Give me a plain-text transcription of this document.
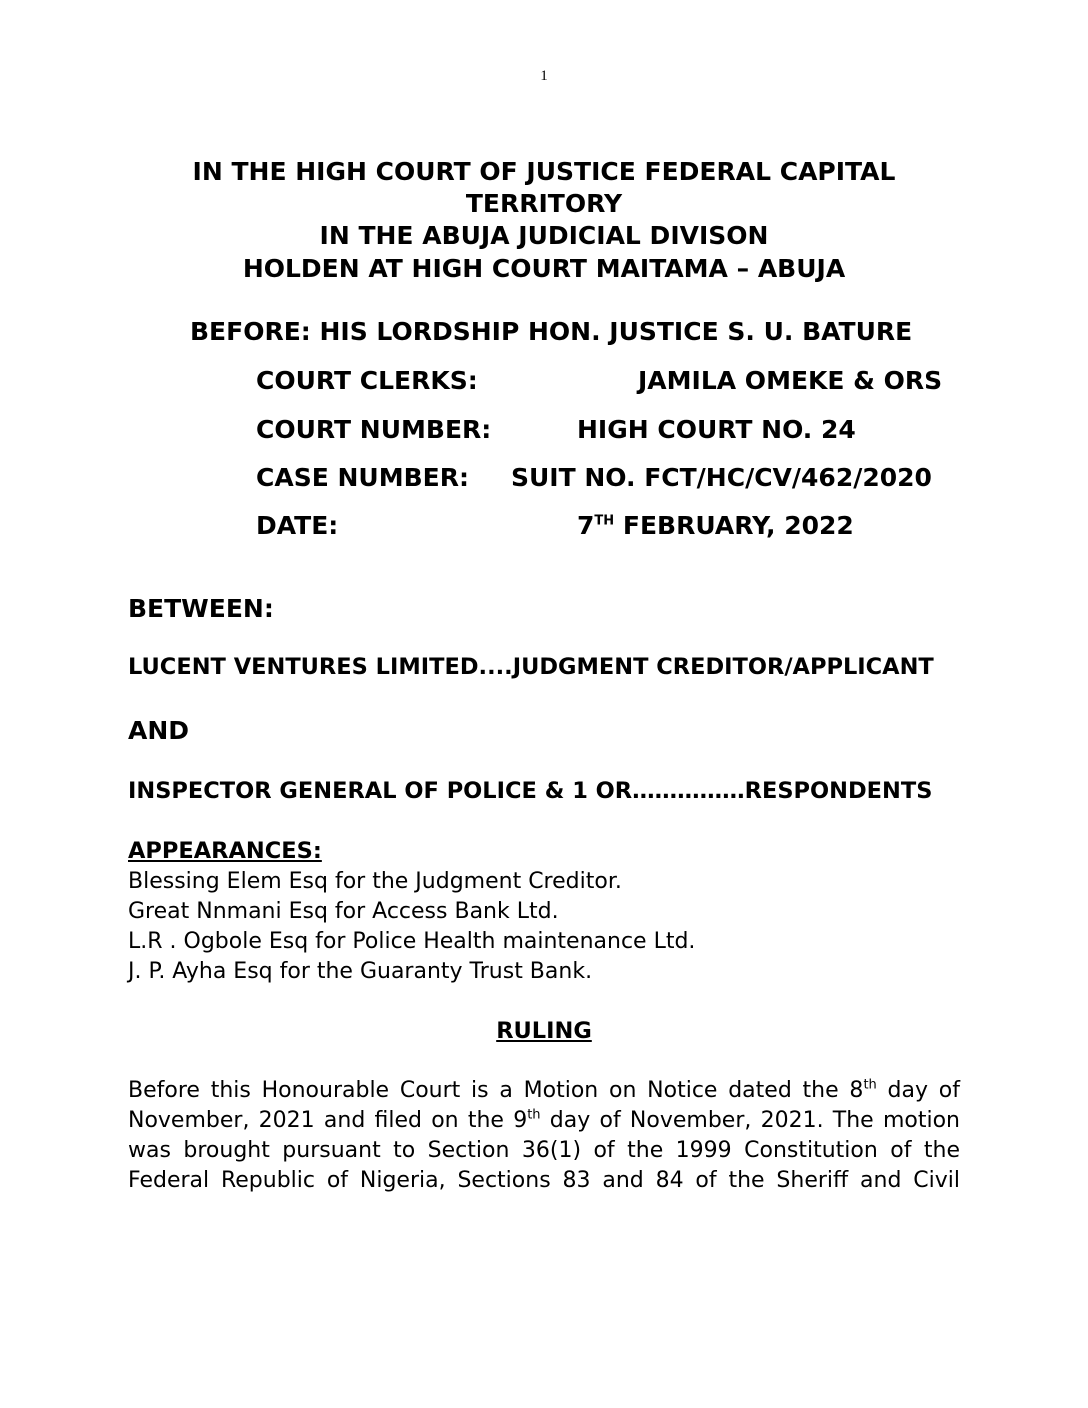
1
IN THE HIGH COURT OF JUSTICE FEDERAL CAPITAL
TERRITORY
IN THE ABUJA JUDICIAL DIVISON
HOLDEN AT HIGH COURT MAITAMA – ABUJA
BEFORE: HIS LORDSHIP HON. JUSTICE S. U. BATURE
COURT CLERKS:	JAMILA OMEKE & ORS
COURT NUMBER:	HIGH COURT NO. 24
CASE NUMBER: SUIT NO. FCT/HC/CV/462/2020
DATE:	7TH FEBRUARY, 2022
BETWEEN:
LUCENT VENTURES LIMITED....JUDGMENT CREDITOR/APPLICANT
AND
INSPECTOR GENERAL OF POLICE & 1 OR……………RESPONDENTS
APPEARANCES:
Blessing Elem Esq for the Judgment Creditor.
Great Nnmani Esq for Access Bank Ltd.
L.R . Ogbole Esq for Police Health maintenance Ltd.
J. P. Ayha Esq for the Guaranty Trust Bank.
RULING
Before this Honourable Court is a Motion on Notice dated the 8th day of
November, 2021 and filed on the 9th day of November, 2021. The motion
was brought pursuant to Section 36(1) of the 1999 Constitution of the
Federal Republic of Nigeria, Sections 83 and 84 of the Sheriff and Civil
